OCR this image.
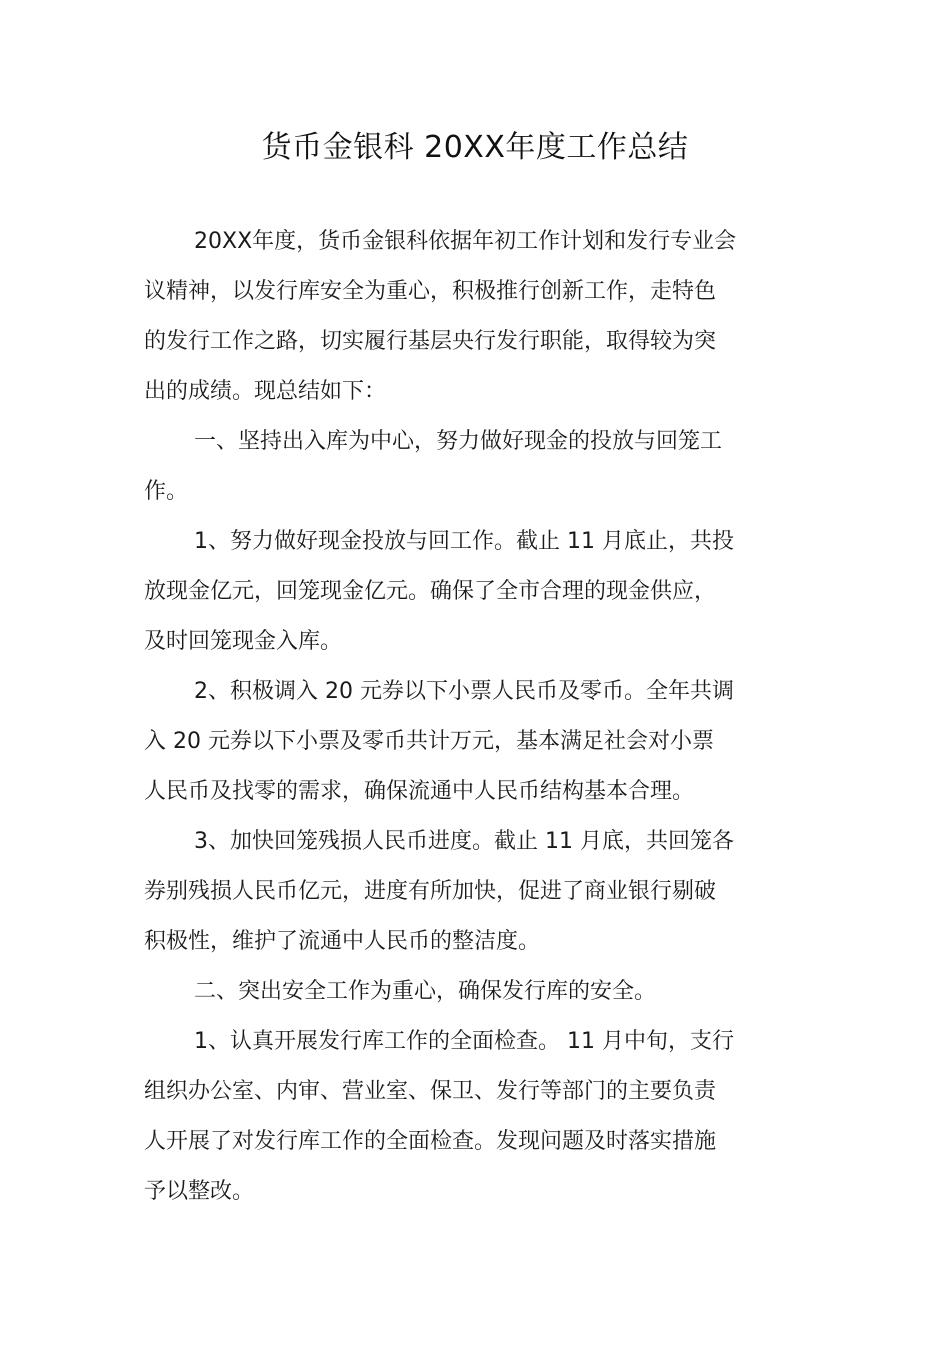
货币金银科 20XX年度工作总结
20XX年度，货币金银科依据年初工作计划和发行专业会
议精神，以发行库安全为重心，积极推行创新工作，走特色
的发行工作之路，切实履行基层央行发行职能，取得较为突
出的成绩。现总结如下：
一、坚持出入库为中心，努力做好现金的投放与回笼工
作。
1、努力做好现金投放与回工作。截止 11 月底止，共投
放现金亿元，回笼现金亿元。确保了全市合理的现金供应，
及时回笼现金入库。
2、积极调入 20 元券以下小票人民币及零币。全年共调
入 20 元券以下小票及零币共计万元，基本满足社会对小票
人民币及找零的需求，确保流通中人民币结构基本合理。
3、加快回笼残损人民币进度。截止 11 月底，共回笼各
券别残损人民币亿元，进度有所加快，促进了商业银行剔破
积极性，维护了流通中人民币的整洁度。
二、突出安全工作为重心，确保发行库的安全。
1、认真开展发行库工作的全面检查。 11 月中旬，支行
组织办公室、内审、营业室、保卫、发行等部门的主要负责
人开展了对发行库工作的全面检查。发现问题及时落实措施
予以整改。
